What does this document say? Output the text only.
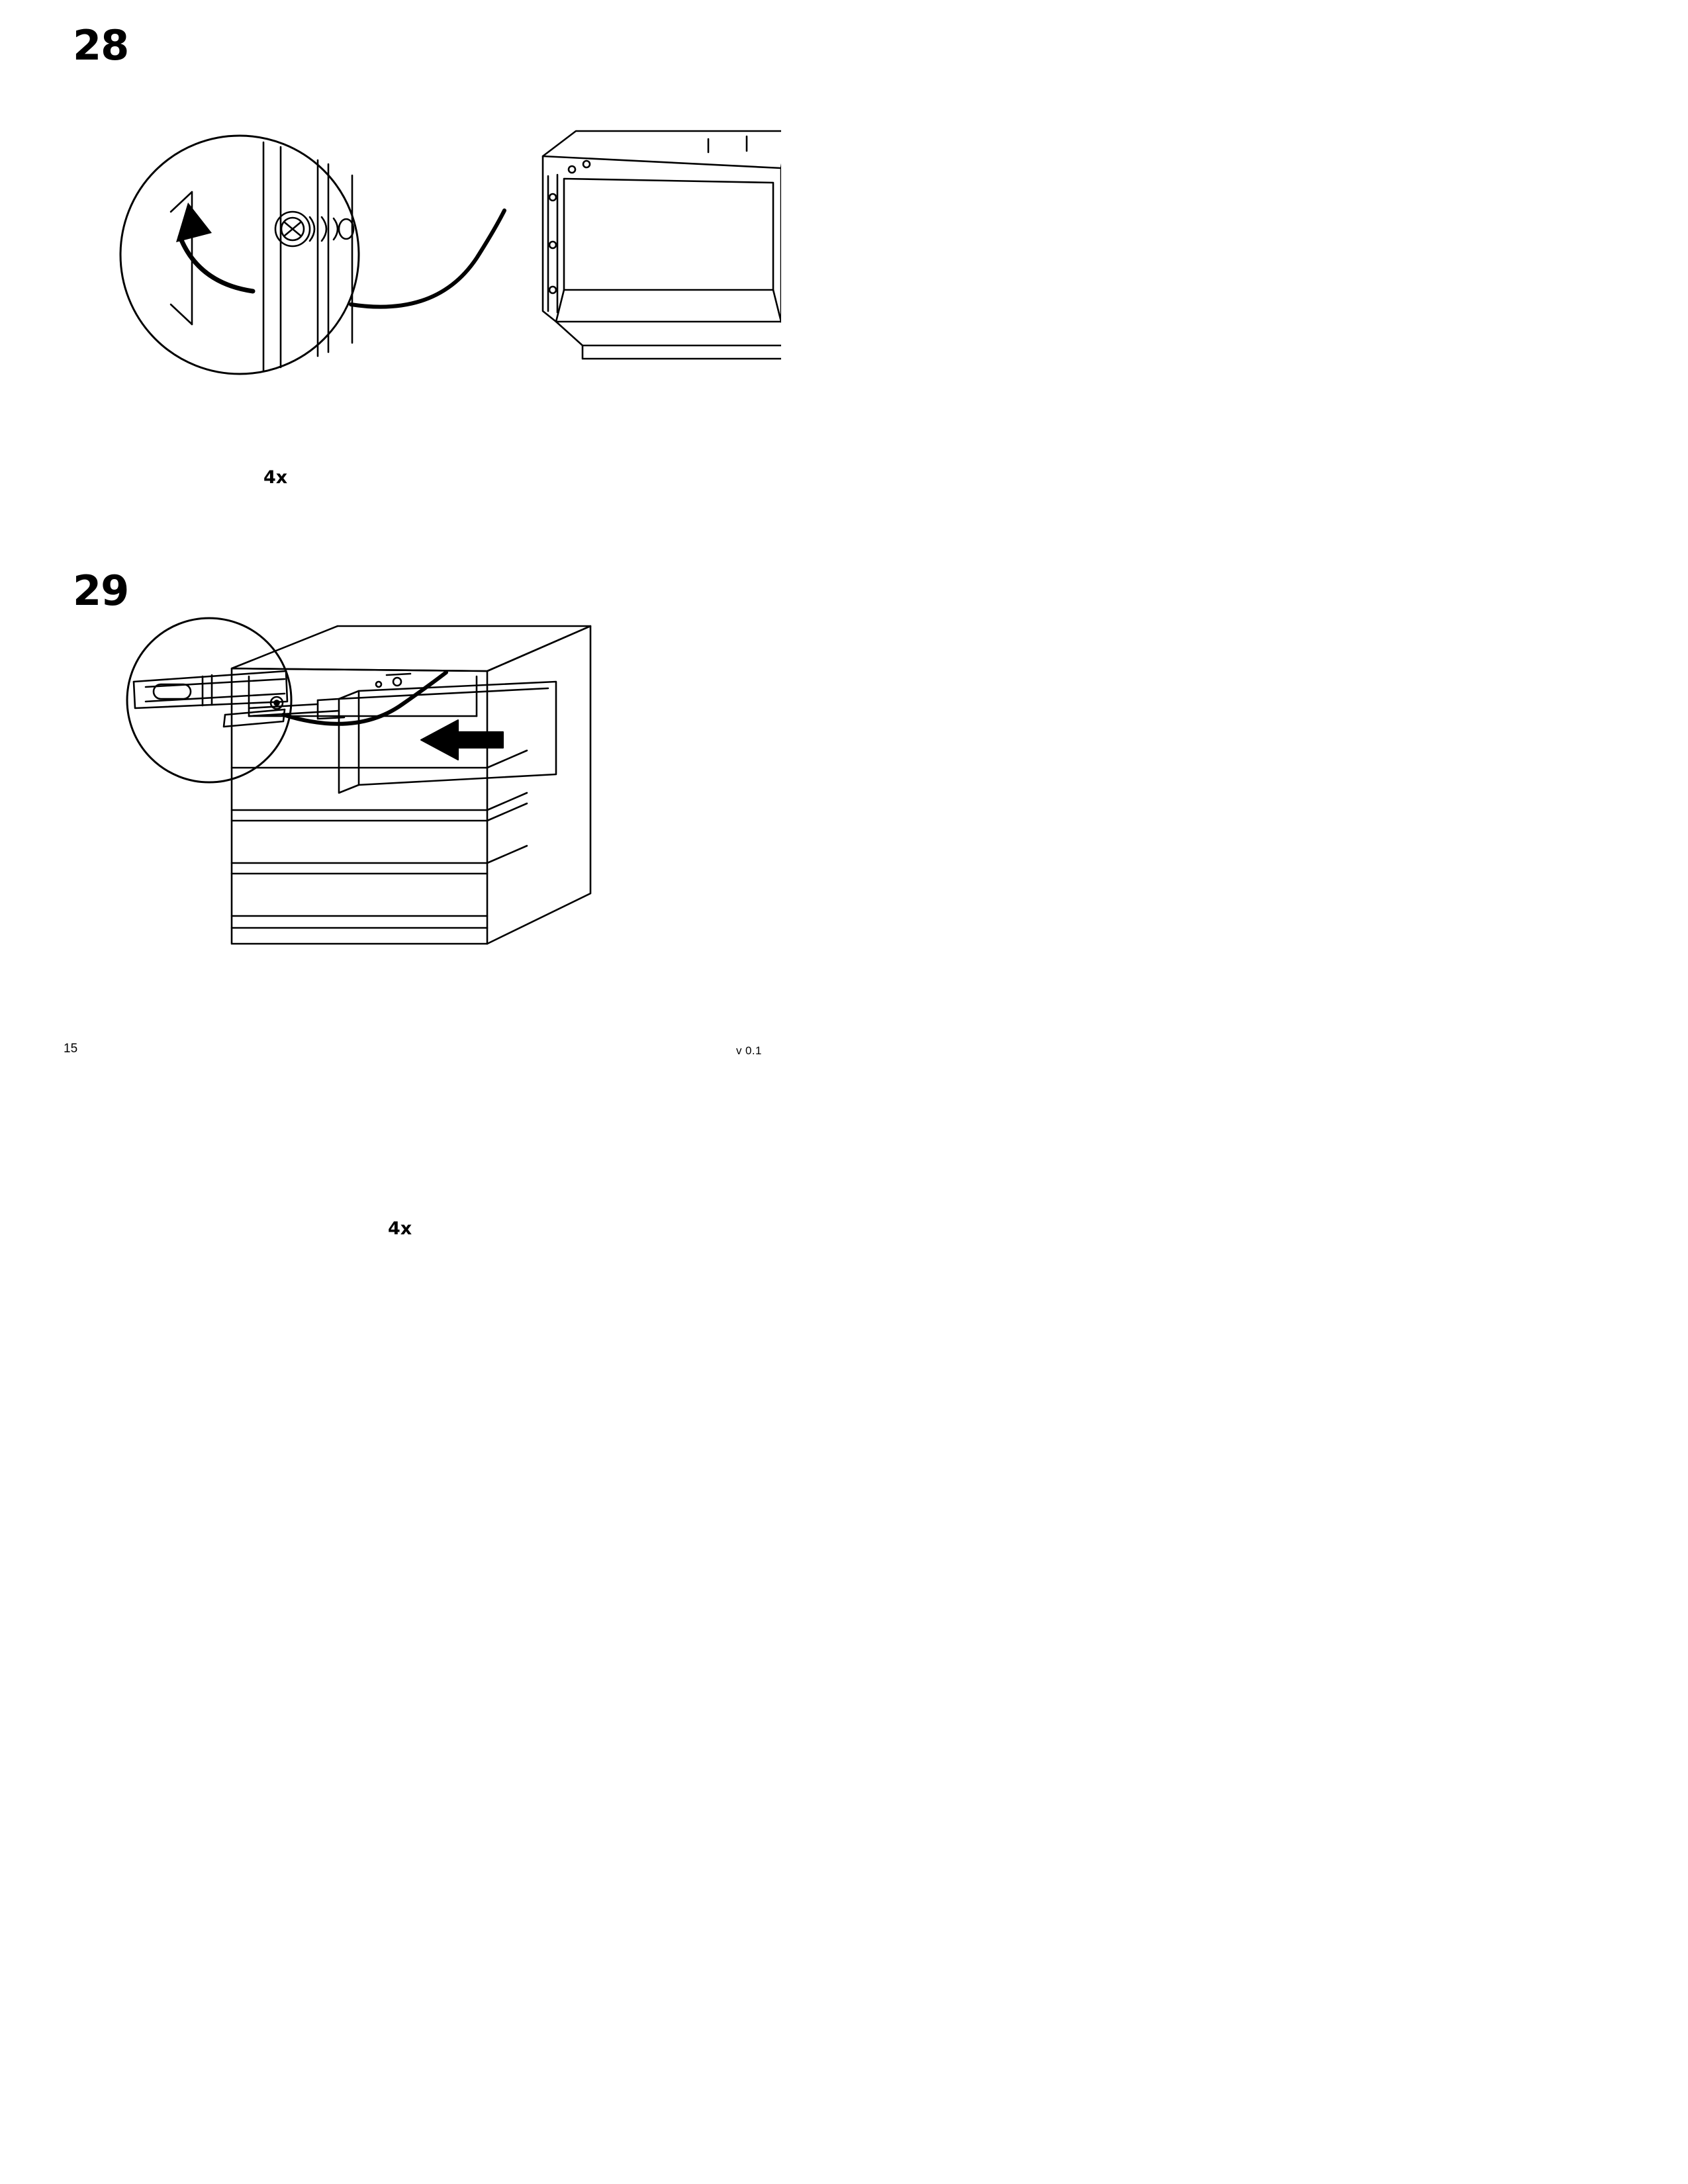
28
4x
29
4x
15	v 0.1
